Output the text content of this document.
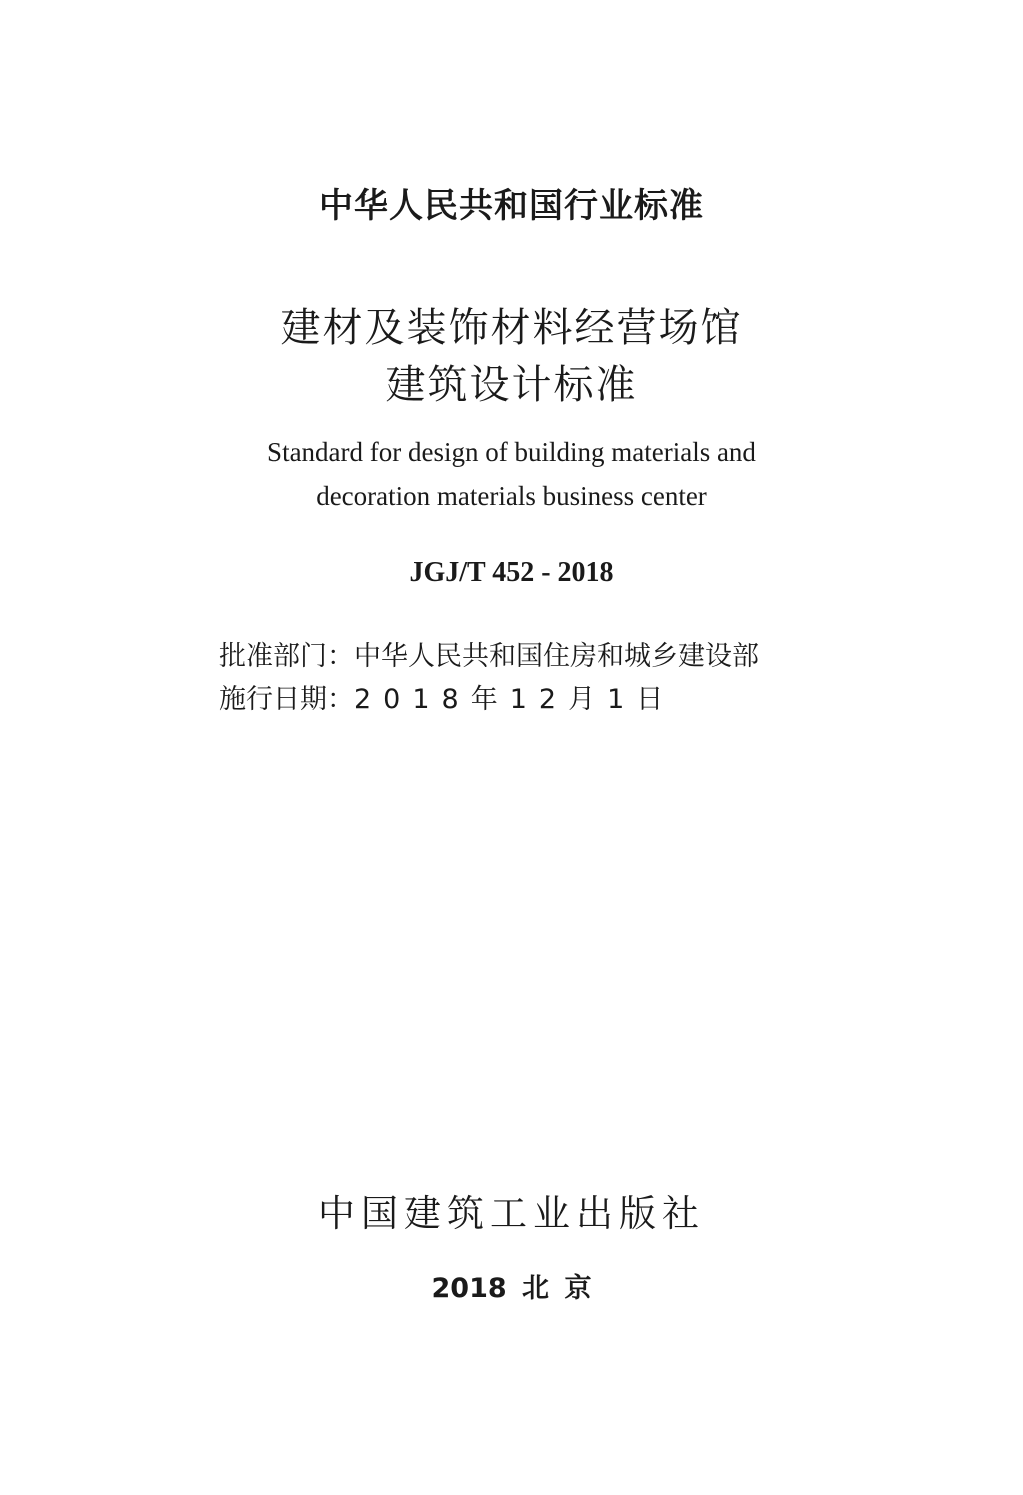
中华人民共和国行业标准
建材及装饰材料经营场馆
建筑设计标准
Standard for design of building materials and
decoration materials business center
JGJ/T 452 - 2018
批准部门：中华人民共和国住房和城乡建设部
施行日期：2018年12月1日
中国建筑工业出版社
2018 北 京
